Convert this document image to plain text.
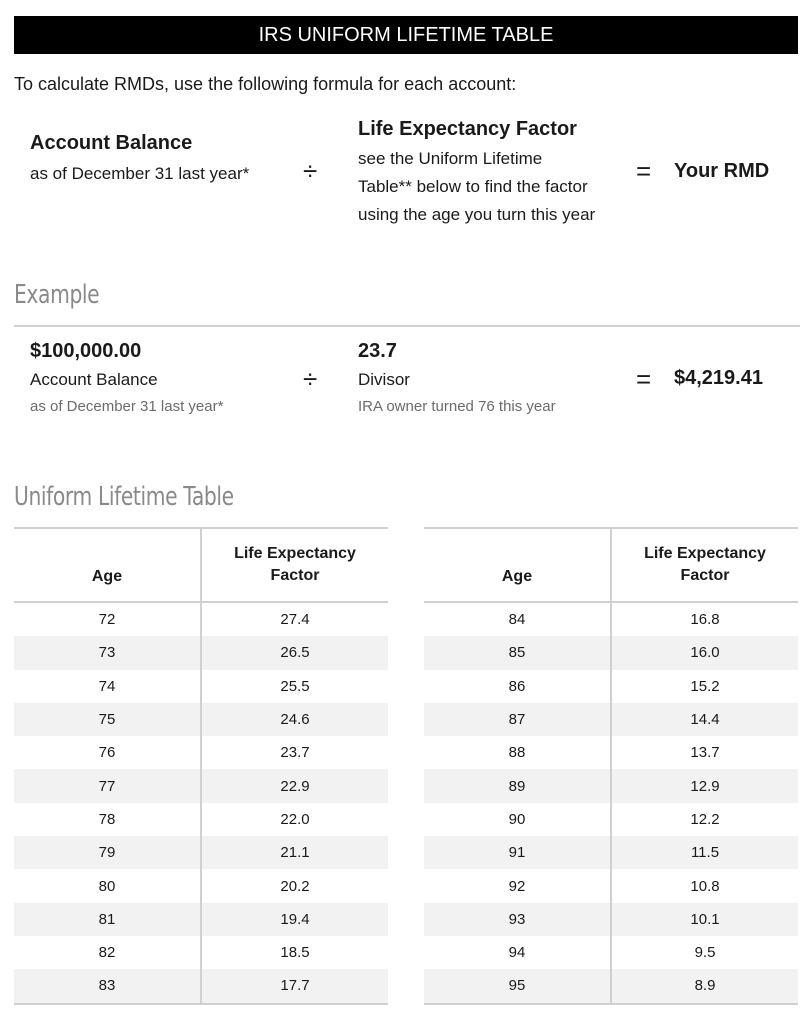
IRS UNIFORM LIFETIME TABLE
To calculate RMDs, use the following formula for each account:
Account Balance
as of December 31 last year* ÷
Life Expectancy Factor
see the Uniform Lifetime
Table** below to find the factor
using the age you turn this year
= Your RMD
Example
$100,000.00
Account Balance
as of December 31 last year*
÷
23.7
Divisor
IRA owner turned 76 this year
= $4,219.41
Uniform Lifetime Table
Age	Life Expectancy
Factor

72	27.4
73	26.5
74	25.5
75	24.6
76	23.7
77	22.9
78	22.0
79	21.1
80	20.2
81	19.4
82	18.5
83	17.7
Age	Life Expectancy
Factor

84	16.8
85	16.0
86	15.2
87	14.4
88	13.7
89	12.9
90	12.2
91	11.5
92	10.8
93	10.1
94	9.5
95	8.9
